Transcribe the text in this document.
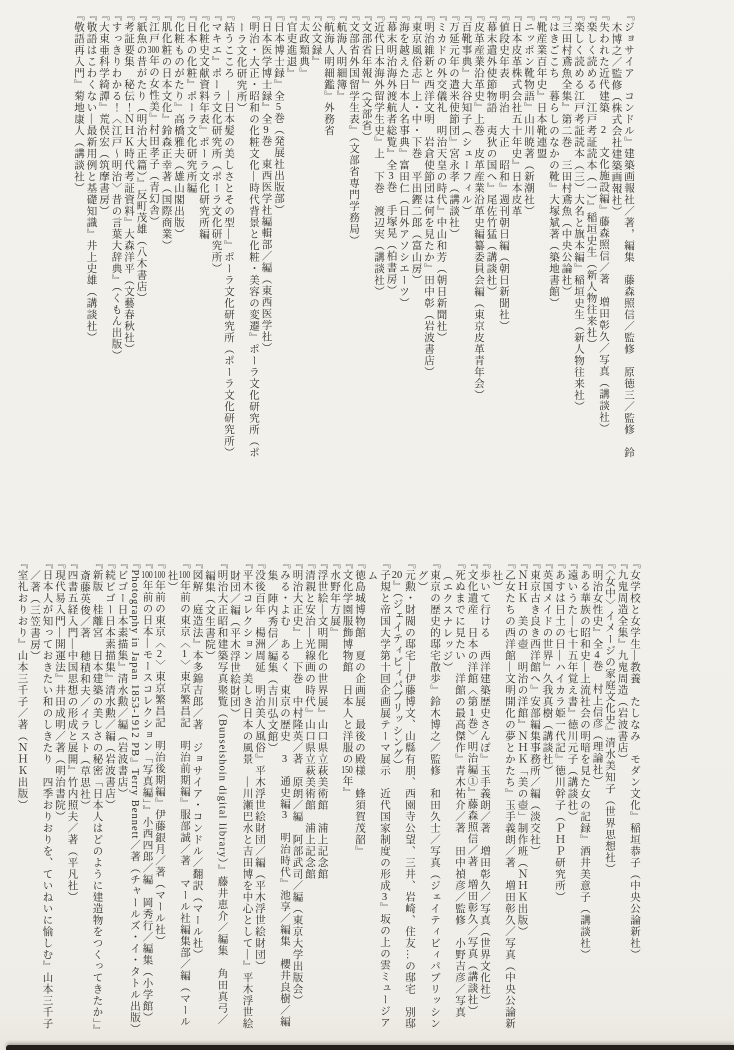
『ジョサイア　コンドル』建築画報社／著，編集　藤森照信／監修　原徳三／監修　鈴木博之／監修（株式会社建築画報社）
『失われた近代建築　2　文化施設編』藤森照信／著　増田彰久／写真（講談社）
『楽しく読める　江戸考証読本（一）』稲垣史生（新人物往来社）
『楽しく読める江戸考証読本（三）大名と旗本編』稲垣史生（新人物往来社）
『三田村鳶魚全集』第二巻　三田村鳶魚（中央公論社）
『はきごこち　暮らしのなかの靴』大塚斌著（築地書館）
『靴産業百年史』日本靴連盟
『ニッポン靴物語』山川暁著（新潮社）
『日本皮革株式会社五十年史』日本皮革
『値段史年表　明治　大正　昭和』週刊朝日編（朝日新聞社）
『幕末遣外使節物語　夷狄の国へ』尾佐竹猛（講談社）
『皮革産業沿革史』上巻　皮革産業沿革史編纂委員会編（東京皮革青年会）
『百靴事典』大谷知子（シューフィル）
『万延元年の遣米使節団』宮永孝（講談社）
『ミカドの外交儀礼　明治天皇の時代』中山和芳（朝日新聞社）
『明治維新と西洋文明　岩倉使節団は何を見たか』田中彰（岩波書店）
『東京風俗志』上・中・下巻　平出鏗二郎（富山房）
『海を越えた日本人名事典』富田仁（日外アソシエーツ）
『幕末明治海外渡航者総覧』全3巻　手塚晃（柏書房）
『近代日本海外留学生史』上　下巻　渡辺実（講談社）
『文部省年報』（文部省）
『文部省外国留学生表』（文部省専門学務局）
『航海人明細簿』
『航海人明細鑑』外務省
『公文録』
『太政類典』
『官吏進退』
『日本博士録』全5巻（発展社出版部）
『日本医学博士録』全9巻　東西医学社編輯部／編（東西医学社）
『明治・大正・昭和の化粧文化―時代背景と化粧・美容の変遷』ポーラ文化研究所（ポーラ文化研究所）
『結うこころ　―日本髪の美しさとその型―』ポーラ文化研究所（ポーラ文化研究所）
『マキエ』ポーラ文化研究所（ポーラ文化研究所）
『化粧史文献資料年表』ポーラ文化研究所編
『日本の化粧』ポーラ文化研究所編
『化粧ものがたり』高橋雅夫（雄山閣出版）
『肌化粧の日本文化』鈴森正幸著（国際商業）
『江戸300年の女性美』村田孝子（青幻舎）
『紙魚の昔がたり（明治大正篇）』反町茂雄（八木書店）
『考証要集　秘伝！ＮＨＫ時代考証資料』大森洋平（文藝春秋社）
『すっきりわかる！〈江戸〜明治〉昔の言葉大辞典』（くもん出版）
『大東亜科学綺譚』荒俣宏（筑摩書房）
『敬語はこわくない―最新用例と基礎知識』井上史雄（講談社）
『敬語再入門』菊地康人（講談社）
『女学校と女学生―教養　たしなみ　モダン文化』稲垣恭子（中央公論新社）
『九鬼周造全集』九鬼周造（岩波書店）
『〈女中〉イメージの家庭文化史』清水美知子（世界思想社）
『明治女性史』全4巻　村上信彦（理論社）
『ある華族の昭和史―上流社会の明暗を見た女の記録』酒井美意子（講談社）
『遠いうた―七十五年覚え書』徳川元子（講談社）
『あすは日土の日―ハイカラ姫一代記』徳川幹子（ＰＨＰ研究所）
『英国メイドの世界』久我真樹（講談社）
『東京古き良き西洋館へ』安部編集事務所／編（淡交社）
『ＮＨＫ　美の壺　明治の洋館』ＮＨＫ「美の壺」制作班（ＮＨＫ出版）
『乙女たちの西洋館―文明開化の夢とかたち』玉手義朗／著　増田彰久／写真（中央公論新社）
『歩いて行ける　西洋建築歴史さんぽ』玉手義朗／著　増田彰久／写真（世界文化社）
『文化遺産　日本の洋館〈第1巻〉明治編①』藤森照信／著　増田彰久／写真（講談社）
『死ぬまでに見たい　洋館の最高傑作』青木祐介／著　田中禎彦／監修　小野吉彦／写真（エクスナレッジ）
『東京の歴史的邸宅散歩』鈴木博之／監修　和田久士／写真（ジェイティビィパブリッシング）
『元勲・財閥の邸宅―伊藤博文、山縣有朋、西園寺公望、三井、岩崎、住友…の邸宅　別邸20』（ジェイティビィパブリッシング）
『子規と帝国大学第十回企画展テーマ展示　近代国家制度の形成3』坂の上の雲ミュージアム
『徳島城博物館　夏の企画展　最後の殿様　蜂須賀茂韶』
『文化学園服飾博物館　日本人と洋服の150年』
『水野年方展』
『浮世絵―文明開化の世界展』山口県立萩美術館　浦上記念館
『清親と安治―光線画の時代』山口県立萩美術館　浦上記念館
『明治大正史』上　下巻　中村隆英／著　原朗／編　阿部武司／編（東京大学出版会）
『みる・よむ　あるく　東京の歴史　3　通史編3　明治時代』池享／編集　櫻井良樹／編集　陣内秀信／編集（吉川弘文館）
『没後百年　楊洲周延　明治美人風俗』平木浮世絵財団／編（平木浮世絵財団）
『平木コレクション　美しき日本の風景　―川瀬巴水と吉田博を中心として―』平木浮世絵財団／編（平木浮世絵財団）
『明治大正昭和建築写真聚覧（Bunseishoin digital library）』藤井恵介／編集　角田真弓／編集（文生書院）
『図解　庭造法』本多錦吉郎／著　ジョサイア・コンドル／翻訳（マール社）
『100年前の東京〈1〉東京繁昌記　明治前期編』服部誠／著　マール社編集部／編（マール社）
『100年前の東京〈2〉東京繁昌記　明治後期編』伊藤銀月／著（マール社）
『100年前の日本―モースコレクション「写真編」』小西四郎／編　岡秀行／編集（小学館）
『Photography in Japan 1853-1912 PB』Terry Bennett／著（チャールズ・イ・タトル出版）
『ビゴー日本素描集』清水勲／編（岩波書店）
『続ビゴー日本素描集』清水勲／編（岩波書店）
『新版　桂離宮　日本建築の美しさの秘密「日本人はどのように建造物をつくってきたか」』斎藤英俊／著　穂積和夫／イラスト（草思社）
『四書五経入門―中国思想の形成と展開』竹内照夫／著（平凡社）
『現代易入門―開運法』井田成明／著（明治書院）
『日本人が知っておきたい和のしきたり　四季おりおりを、ていねいに愉しむ』山本三千子／著（三笠書房）
『室礼おりおり』山本三千子／著（ＮＨＫ出版）
